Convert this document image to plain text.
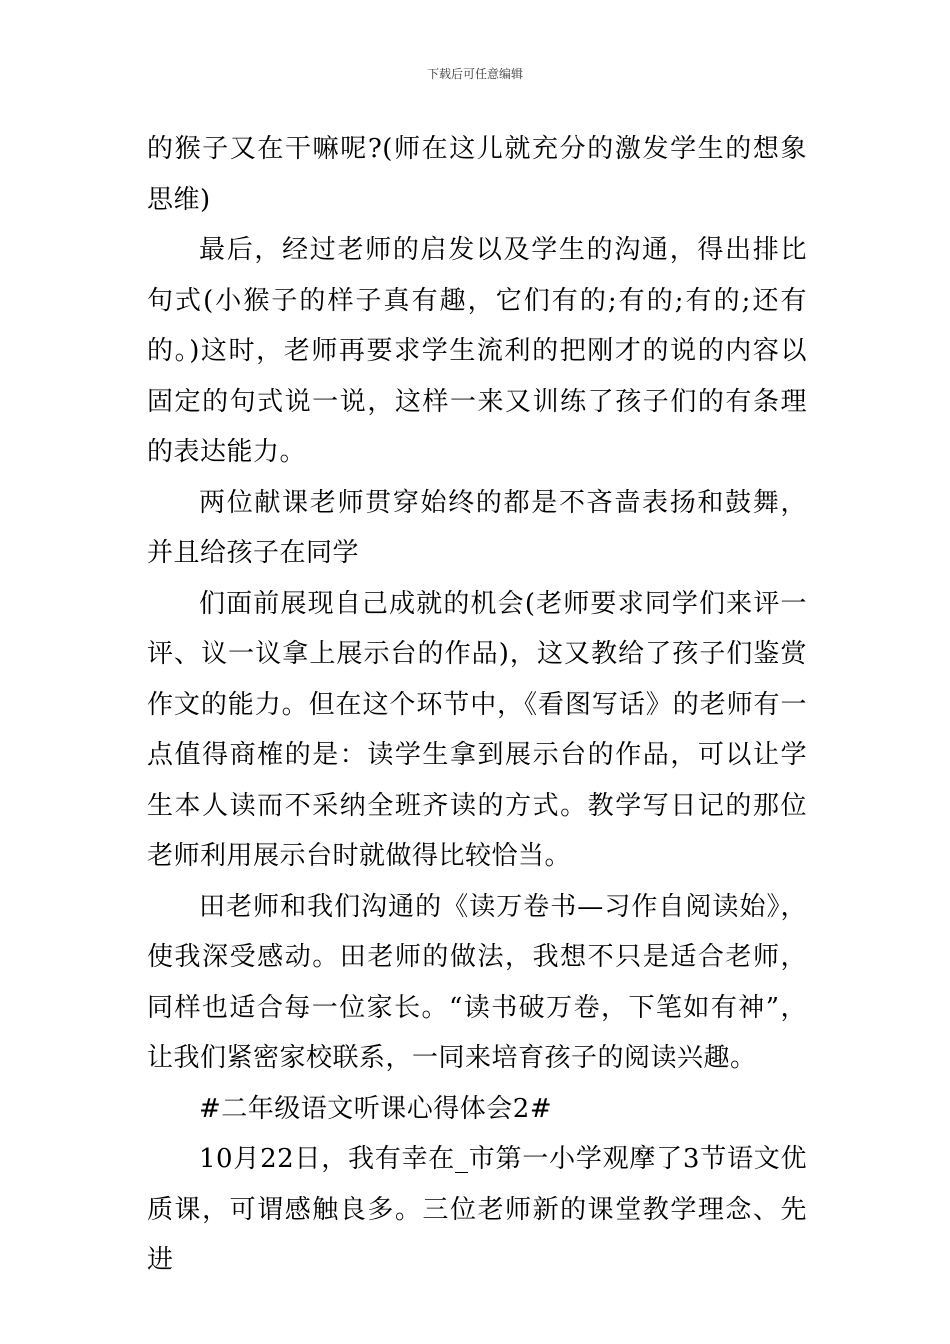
下载后可任意编辑

的猴子又在干嘛呢?(师在这儿就充分的激发学生的想象思维)

最后，经过老师的启发以及学生的沟通，得出排比句式(小猴子的样子真有趣，它们有的;有的;有的;还有的。)这时，老师再要求学生流利的把刚才的说的内容以固定的句式说一说，这样一来又训练了孩子们的有条理的表达能力。

两位献课老师贯穿始终的都是不吝啬表扬和鼓舞，并且给孩子在同学

们面前展现自己成就的机会(老师要求同学们来评一评、议一议拿上展示台的作品)，这又教给了孩子们鉴赏作文的能力。但在这个环节中，《看图写话》的老师有一点值得商榷的是：读学生拿到展示台的作品，可以让学生本人读而不采纳全班齐读的方式。教学写日记的那位老师利用展示台时就做得比较恰当。

田老师和我们沟通的《读万卷书—习作自阅读始》，使我深受感动。田老师的做法，我想不只是适合老师，同样也适合每一位家长。“读书破万卷，下笔如有神”，让我们紧密家校联系，一同来培育孩子的阅读兴趣。

#二年级语文听课心得体会2#

10月22日，我有幸在_市第一小学观摩了3节语文优质课，可谓感触良多。三位老师新的课堂教学理念、先进
